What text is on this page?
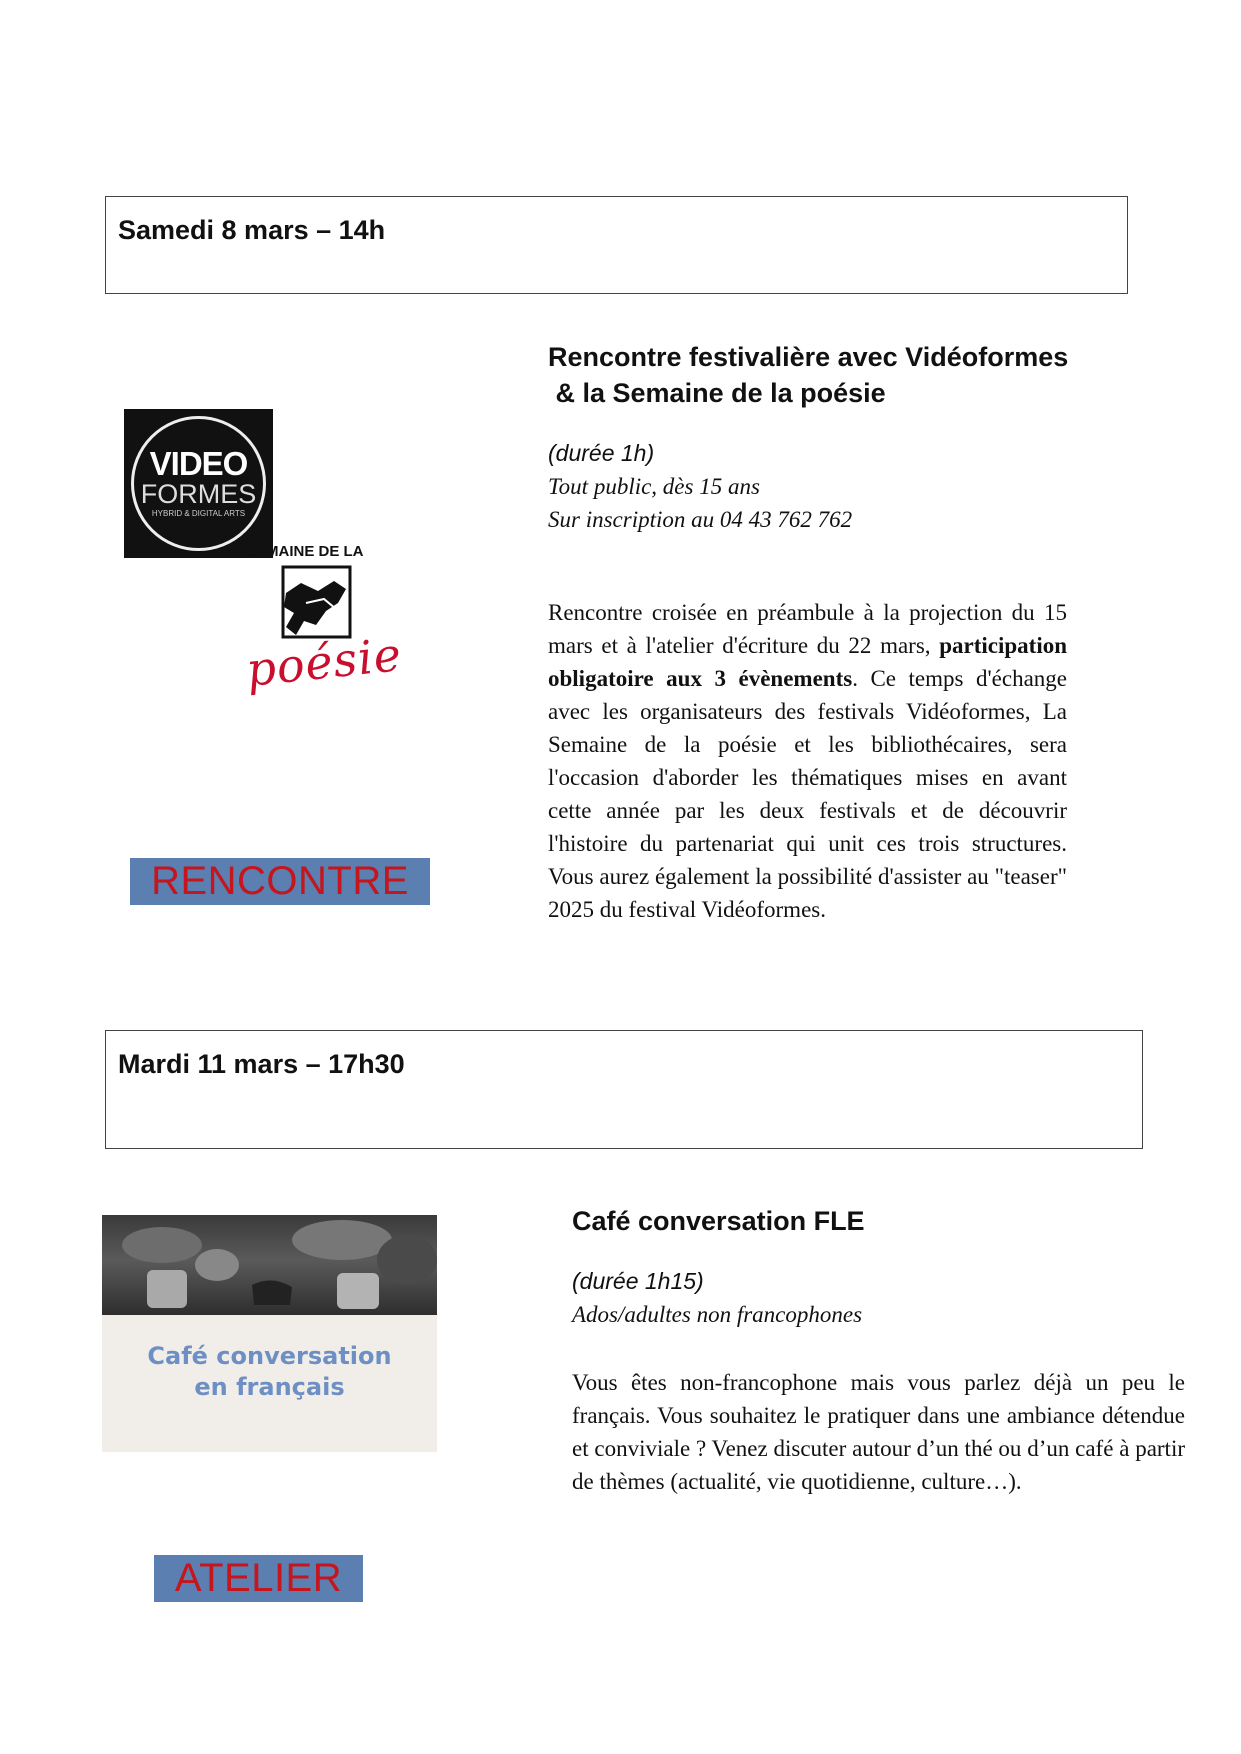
Samedi 8 mars – 14h
VIDEO
FORMES
HYBRID & DIGITAL ARTS
SEMAINE DE LA
poésie
Rencontre festivalière avec Vidéoformes
& la Semaine de la poésie
(durée 1h)
Tout public, dès 15 ans
Sur inscription au 04 43 762 762
Rencontre croisée en préambule à la projection du 15 mars et à l'atelier d'écriture du 22 mars, participation obligatoire aux 3 évènements. Ce temps d'échange avec les organisateurs des festivals Vidéoformes, La Semaine de la poésie et les bibliothécaires, sera l'occasion d'aborder les thématiques mises en avant cette année par les deux festivals et de découvrir l'histoire du partenariat qui unit ces trois structures. Vous aurez également la possibilité d'assister au "teaser" 2025 du festival Vidéoformes.
RENCONTRE
Mardi 11 mars – 17h30
Café conversation
en français
Café conversation FLE
(durée 1h15)
Ados/adultes non francophones
Vous êtes non-francophone mais vous parlez déjà un peu le français. Vous souhaitez le pratiquer dans une ambiance détendue et conviviale ? Venez discuter autour d’un thé ou d’un café à partir de thèmes (actualité, vie quotidienne, culture…).
ATELIER
